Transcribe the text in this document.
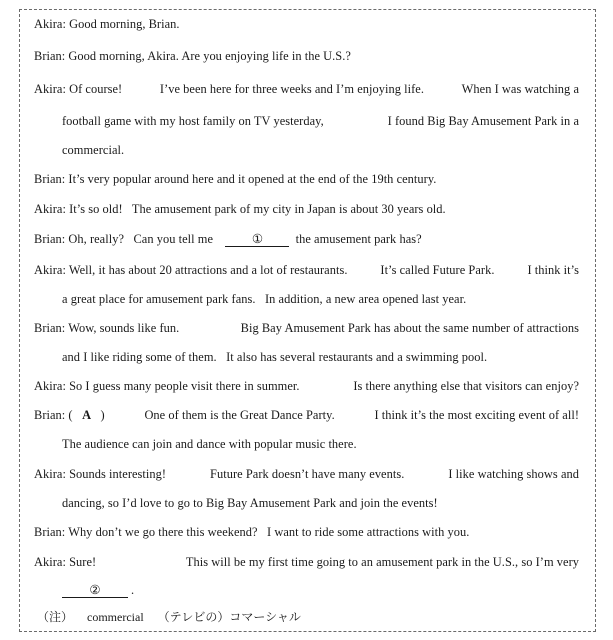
Akira: Good morning, Brian.
Brian: Good morning, Akira. Are you enjoying life in the U.S.?
Akira: Of course!	I’ve been here for three weeks and I’m enjoying life.	When I was watching a
football game with my host family on TV yesterday,	I found Big Bay Amusement Park in a
commercial.
Brian: It’s very popular around here and it opened at the end of the 19th century.
Akira: It’s so old!   The amusement park of my city in Japan is about 30 years old.
Brian: Oh, really?   Can you tell me	①	the amusement park has?
Akira: Well, it has about 20 attractions and a lot of restaurants.	It’s called Future Park.	I think it’s
a great place for amusement park fans.   In addition, a new area opened last year.
Brian: Wow, sounds like fun.	Big Bay Amusement Park has about the same number of attractions
and I like riding some of them.   It also has several restaurants and a swimming pool.
Akira: So I guess many people visit there in summer.	Is there anything else that visitors can enjoy?
Brian: ( A )	One of them is the Great Dance Party.	I think it’s the most exciting event of all!
The audience can join and dance with popular music there.
Akira: Sounds interesting!	Future Park doesn’t have many events.	I like watching shows and
dancing, so I’d love to go to Big Bay Amusement Park and join the events!
Brian: Why don’t we go there this weekend?   I want to ride some attractions with you.
Akira: Sure!	This will be my first time going to an amusement park in the U.S., so I’m very
② .
（注） commercial （テレビの）コマーシャル
